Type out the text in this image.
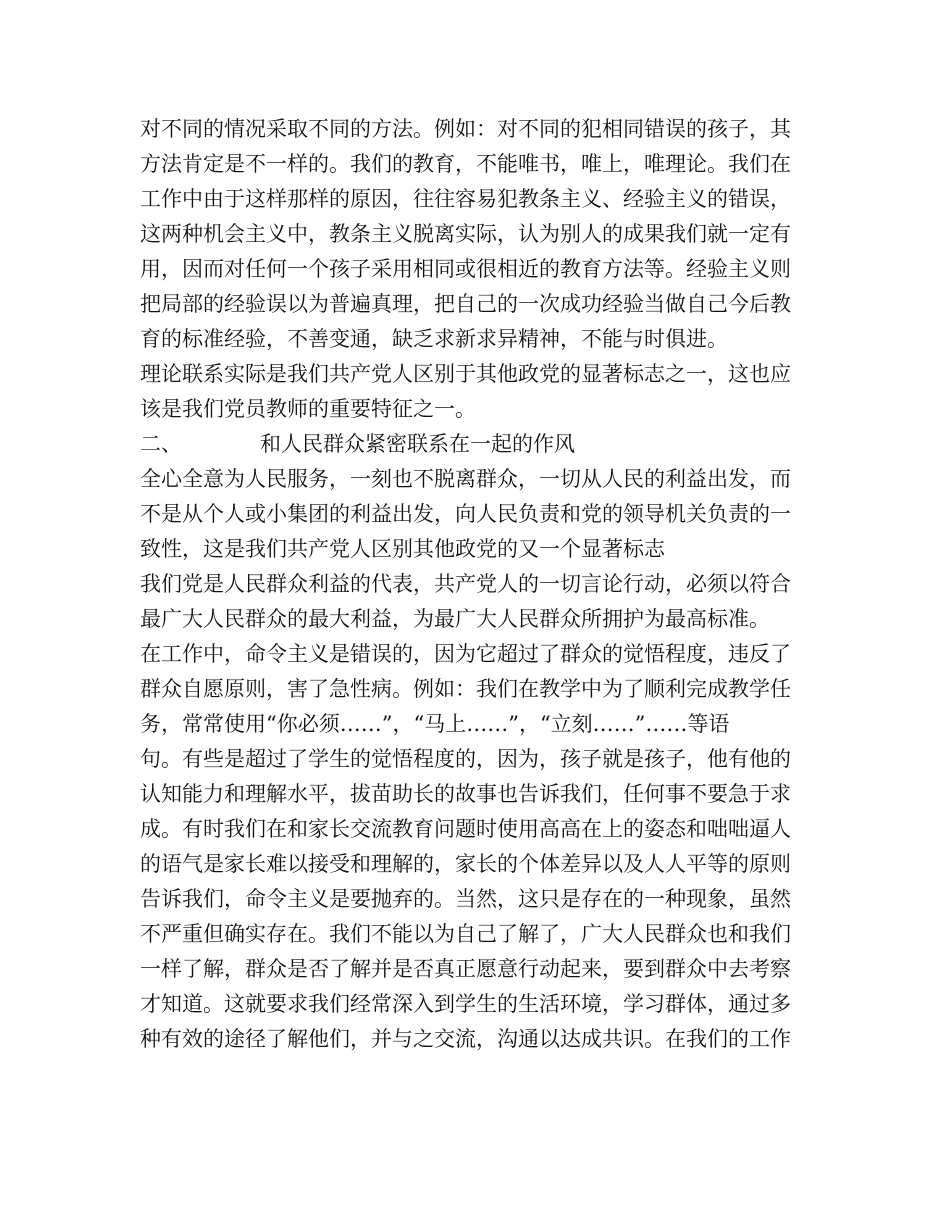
对不同的情况采取不同的方法。例如：对不同的犯相同错误的孩子，其
方法肯定是不一样的。我们的教育，不能唯书，唯上，唯理论。我们在
工作中由于这样那样的原因，往往容易犯教条主义、经验主义的错误，
这两种机会主义中，教条主义脱离实际，认为别人的成果我们就一定有
用，因而对任何一个孩子采用相同或很相近的教育方法等。经验主义则
把局部的经验误以为普遍真理，把自己的一次成功经验当做自己今后教
育的标准经验，不善变通，缺乏求新求异精神，不能与时俱进。
理论联系实际是我们共产党人区别于其他政党的显著标志之一，这也应
该是我们党员教师的重要特征之一。
二、	和人民群众紧密联系在一起的作风
全心全意为人民服务，一刻也不脱离群众，一切从人民的利益出发，而
不是从个人或小集团的利益出发，向人民负责和党的领导机关负责的一
致性，这是我们共产党人区别其他政党的又一个显著标志
我们党是人民群众利益的代表，共产党人的一切言论行动，必须以符合
最广大人民群众的最大利益，为最广大人民群众所拥护为最高标准。
在工作中，命令主义是错误的，因为它超过了群众的觉悟程度，违反了
群众自愿原则，害了急性病。例如：我们在教学中为了顺利完成教学任
务，常常使用“你必须……”，“马上……”，“立刻……”……等语
句。有些是超过了学生的觉悟程度的，因为，孩子就是孩子，他有他的
认知能力和理解水平，拔苗助长的故事也告诉我们，任何事不要急于求
成。有时我们在和家长交流教育问题时使用高高在上的姿态和咄咄逼人
的语气是家长难以接受和理解的，家长的个体差异以及人人平等的原则
告诉我们，命令主义是要抛弃的。当然，这只是存在的一种现象，虽然
不严重但确实存在。我们不能以为自己了解了，广大人民群众也和我们
一样了解，群众是否了解并是否真正愿意行动起来，要到群众中去考察
才知道。这就要求我们经常深入到学生的生活环境，学习群体，通过多
种有效的途径了解他们，并与之交流，沟通以达成共识。在我们的工作
